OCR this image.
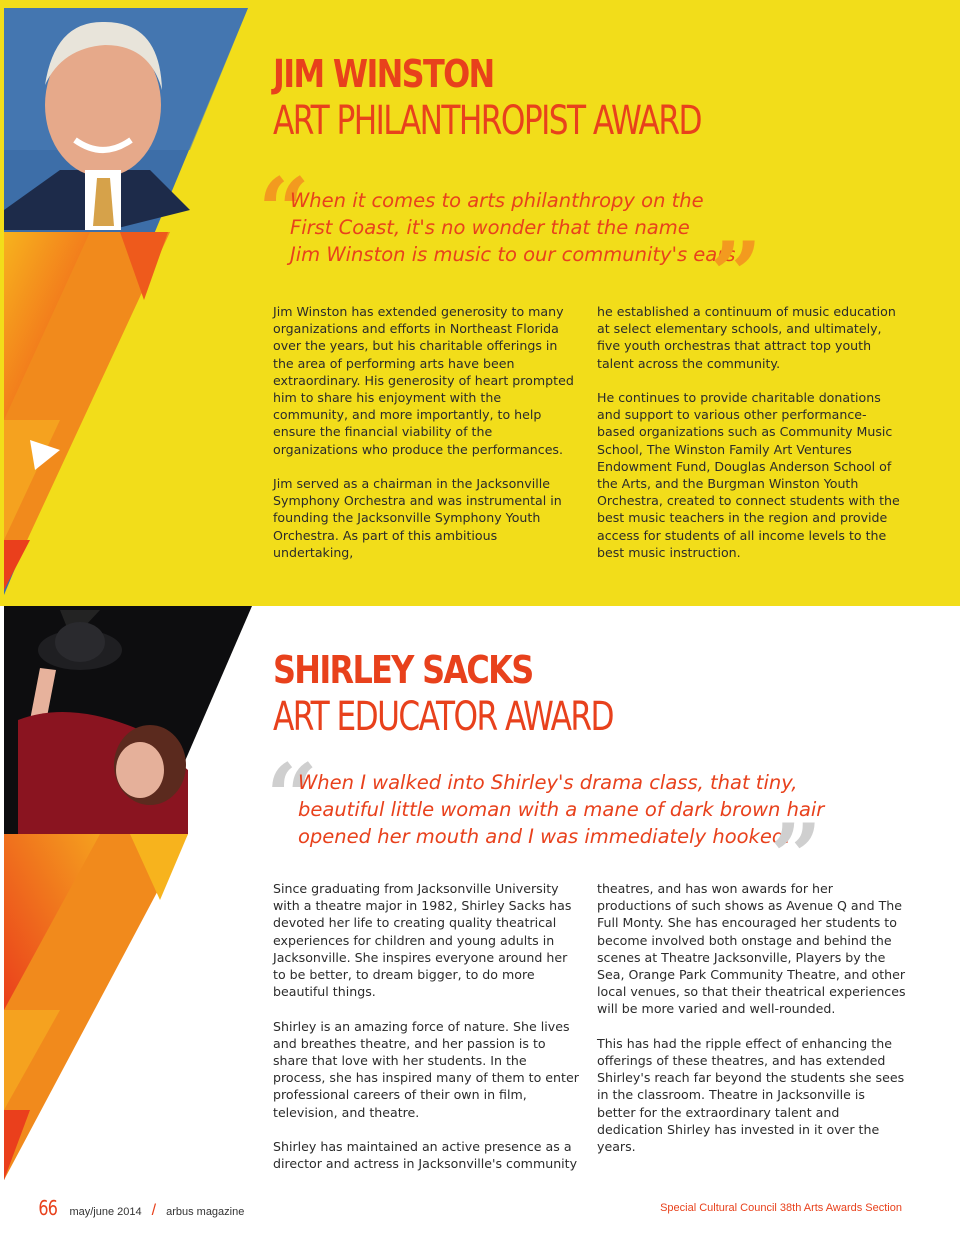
JIM WINSTON
ART PHILANTHROPIST AWARD
“
When it comes to arts philanthropy on the
First Coast, it's no wonder that the name
Jim Winston is music to our community's ears.
”

Jim Winston has extended generosity to many organizations and efforts in Northeast Florida over the years, but his charitable offerings in the area of performing arts have been extraordinary. His generosity of heart prompted him to share his enjoyment with the community, and more importantly, to help ensure the financial viability of the organizations who produce the performances.

Jim served as a chairman in the Jacksonville Symphony Orchestra and was instrumental in founding the Jacksonville Symphony Youth Orchestra. As part of this ambitious undertaking,

he established a continuum of music education at select elementary schools, and ultimately, five youth orchestras that attract top youth talent across the community.

He continues to provide charitable donations and support to various other performance-based organizations such as Community Music School, The Winston Family Art Ventures Endowment Fund, Douglas Anderson School of the Arts, and the Burgman Winston Youth Orchestra, created to connect students with the best music teachers in the region and provide access for students of all income levels to the best music instruction.

SHIRLEY SACKS
ART EDUCATOR AWARD
“
When I walked into Shirley's drama class, that tiny,
beautiful little woman with a mane of dark brown hair
opened her mouth and I was immediately hooked.
”

Since graduating from Jacksonville University with a theatre major in 1982, Shirley Sacks has devoted her life to creating quality theatrical experiences for children and young adults in Jacksonville. She inspires everyone around her to be better, to dream bigger, to do more beautiful things.

Shirley is an amazing force of nature. She lives and breathes theatre, and her passion is to share that love with her students. In the process, she has inspired many of them to enter professional careers of their own in film, television, and theatre.

Shirley has maintained an active presence as a director and actress in Jacksonville's community

theatres, and has won awards for her productions of such shows as Avenue Q and The Full Monty. She has encouraged her students to become involved both onstage and behind the scenes at Theatre Jacksonville, Players by the Sea, Orange Park Community Theatre, and other local venues, so that their theatrical experiences will be more varied and well-rounded.

This has had the ripple effect of enhancing the offerings of these theatres, and has extended Shirley's reach far beyond the students she sees in the classroom. Theatre in Jacksonville is better for the extraordinary talent and dedication Shirley has invested in it over the years.

66 may/june 2014 / arbus magazine	Special Cultural Council 38th Arts Awards Section
